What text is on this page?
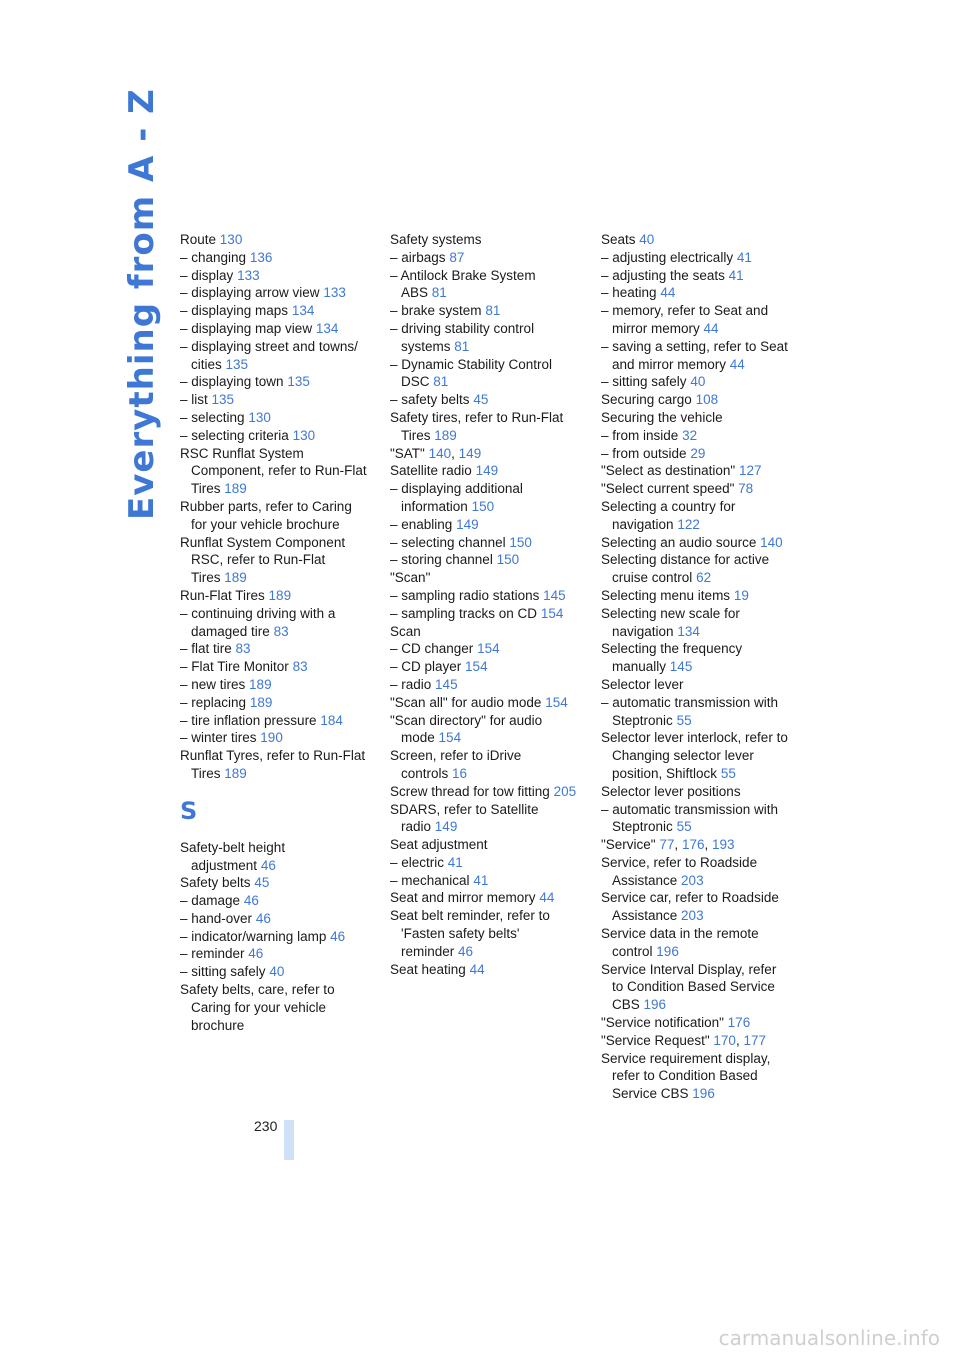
Everything from A - Z Route 130
– changing 136
– display 133
– displaying arrow view 133
– displaying maps 134
– displaying map view 134
– displaying street and towns/ cities 135
– displaying town 135
– list 135
– selecting 130
– selecting criteria 130
RSC Runflat System Component, refer to Run-Flat Tires 189
Rubber parts, refer to Caring for your vehicle brochure
Runflat System Component RSC, refer to Run-Flat Tires 189
Run-Flat Tires 189
– continuing driving with a damaged tire 83
– flat tire 83
– Flat Tire Monitor 83
– new tires 189
– replacing 189
– tire inflation pressure 184
– winter tires 190
Runflat Tyres, refer to Run-Flat Tires 189
S
Safety-belt height adjustment 46
Safety belts 45
– damage 46
– hand-over 46
– indicator/warning lamp 46
– reminder 46
– sitting safely 40
Safety belts, care, refer to Caring for your vehicle brochure
Safety systems
– airbags 87
– Antilock Brake System ABS 81
– brake system 81
– driving stability control systems 81
– Dynamic Stability Control DSC 81
– safety belts 45
Safety tires, refer to Run-Flat Tires 189
"SAT" 140, 149
Satellite radio 149
– displaying additional information 150
– enabling 149
– selecting channel 150
– storing channel 150
"Scan"
– sampling radio stations 145
– sampling tracks on CD 154
Scan
– CD changer 154
– CD player 154
– radio 145
"Scan all" for audio mode 154
"Scan directory" for audio mode 154
Screen, refer to iDrive controls 16
Screw thread for tow fitting 205
SDARS, refer to Satellite radio 149
Seat adjustment
– electric 41
– mechanical 41
Seat and mirror memory 44
Seat belt reminder, refer to 'Fasten safety belts' reminder 46
Seat heating 44
Seats 40
– adjusting electrically 41
– adjusting the seats 41
– heating 44
– memory, refer to Seat and mirror memory 44
– saving a setting, refer to Seat and mirror memory 44
– sitting safely 40
Securing cargo 108
Securing the vehicle
– from inside 32
– from outside 29
"Select as destination" 127
"Select current speed" 78
Selecting a country for navigation 122
Selecting an audio source 140
Selecting distance for active cruise control 62
Selecting menu items 19
Selecting new scale for navigation 134
Selecting the frequency manually 145
Selector lever
– automatic transmission with Steptronic 55
Selector lever interlock, refer to Changing selector lever position, Shiftlock 55
Selector lever positions
– automatic transmission with Steptronic 55
"Service" 77, 176, 193
Service, refer to Roadside Assistance 203
Service car, refer to Roadside Assistance 203
Service data in the remote control 196
Service Interval Display, refer to Condition Based Service CBS 196
"Service notification" 176
"Service Request" 170, 177
Service requirement display, refer to Condition Based Service CBS 196
230
carmanualsonline.info
